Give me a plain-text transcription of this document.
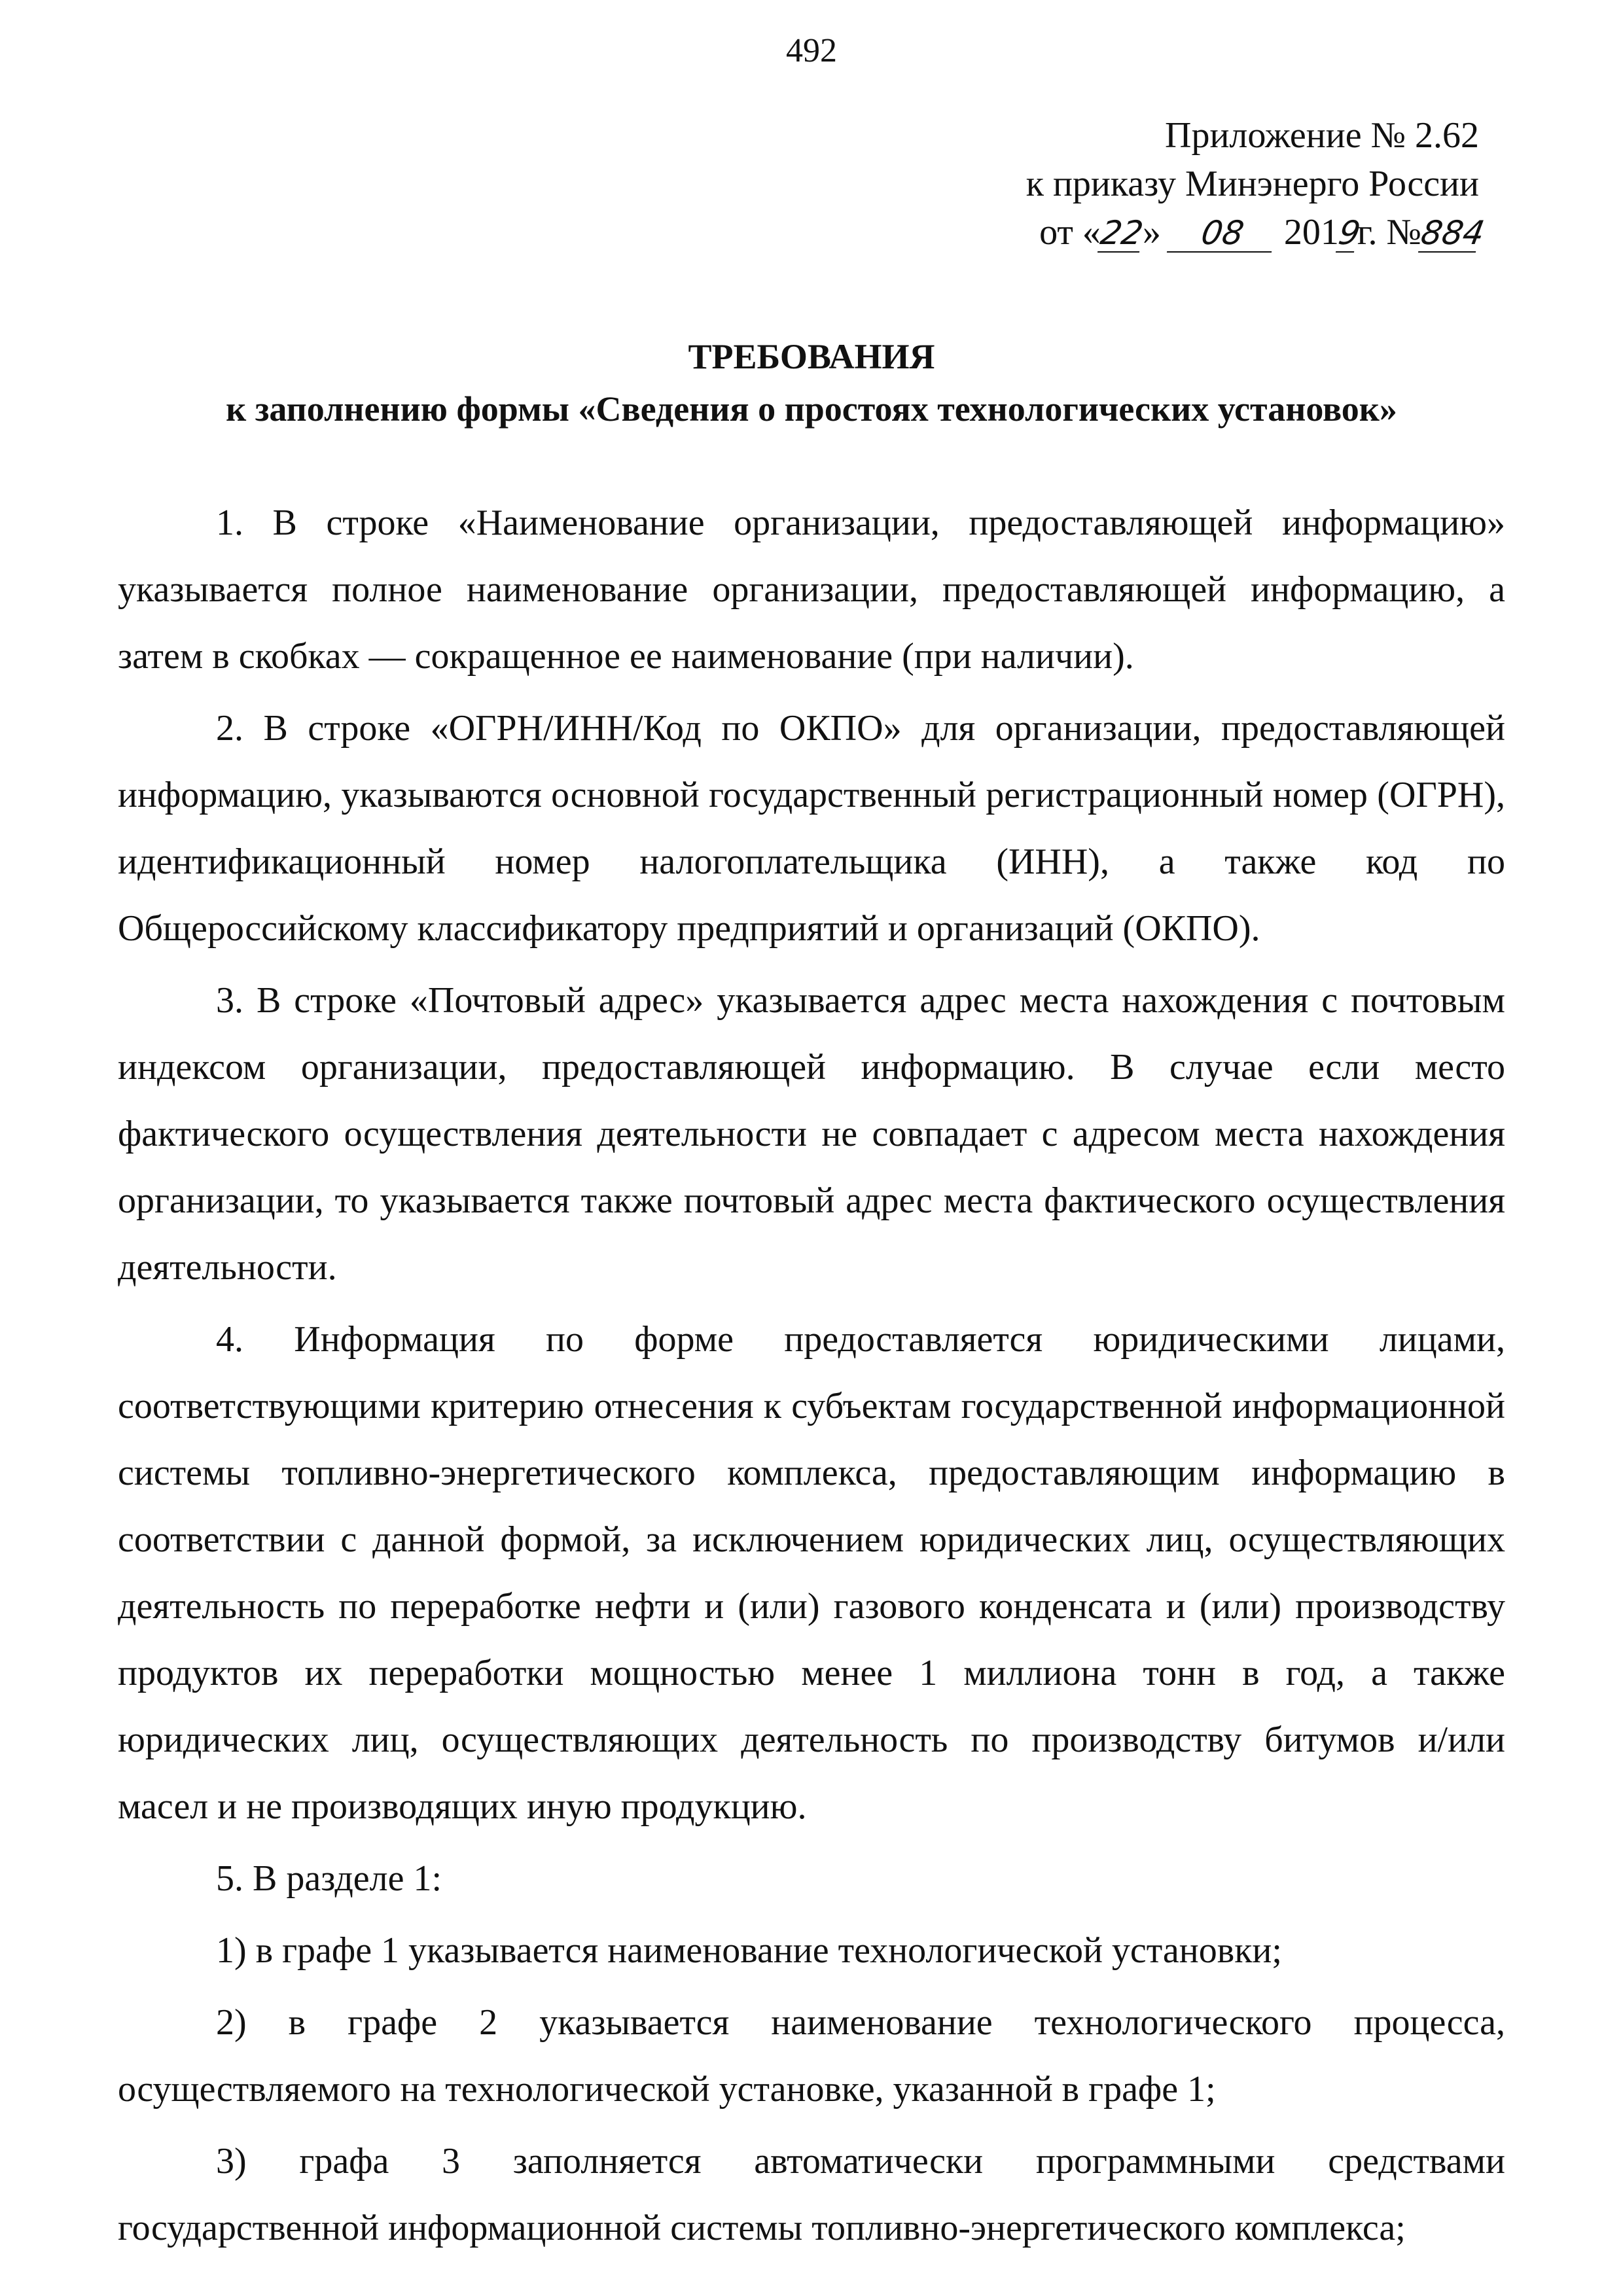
492
Приложение № 2.62
к приказу Минэнерго России
от «22» 08 2019г. №884
ТРЕБОВАНИЯ
к заполнению формы «Сведения о простоях технологических установок»

1. В строке «Наименование организации, предоставляющей информацию» указывается полное наименование организации, предоставляющей информацию, а затем в скобках — сокращенное ее наименование (при наличии).

2. В строке «ОГРН/ИНН/Код по ОКПО» для организации, предоставляющей информацию, указываются основной государственный регистрационный номер (ОГРН), идентификационный номер налогоплательщика (ИНН), а также код по Общероссийскому классификатору предприятий и организаций (ОКПО).

3. В строке «Почтовый адрес» указывается адрес места нахождения с почтовым индексом организации, предоставляющей информацию. В случае если место фактического осуществления деятельности не совпадает с адресом места нахождения организации, то указывается также почтовый адрес места фактического осуществления деятельности.

4. Информация по форме предоставляется юридическими лицами, соответствующими критерию отнесения к субъектам государственной информационной системы топливно-энергетического комплекса, предоставляющим информацию в соответствии с данной формой, за исключением юридических лиц, осуществляющих деятельность по переработке нефти и (или) газового конденсата и (или) производству продуктов их переработки мощностью менее 1 миллиона тонн в год, а также юридических лиц, осуществляющих деятельность по производству битумов и/или масел и не производящих иную продукцию.

5. В разделе 1:

1) в графе 1 указывается наименование технологической установки;

2) в графе 2 указывается наименование технологического процесса, осуществляемого на технологической установке, указанной в графе 1;

3) графа 3 заполняется автоматически программными средствами государственной информационной системы топливно-энергетического комплекса;
